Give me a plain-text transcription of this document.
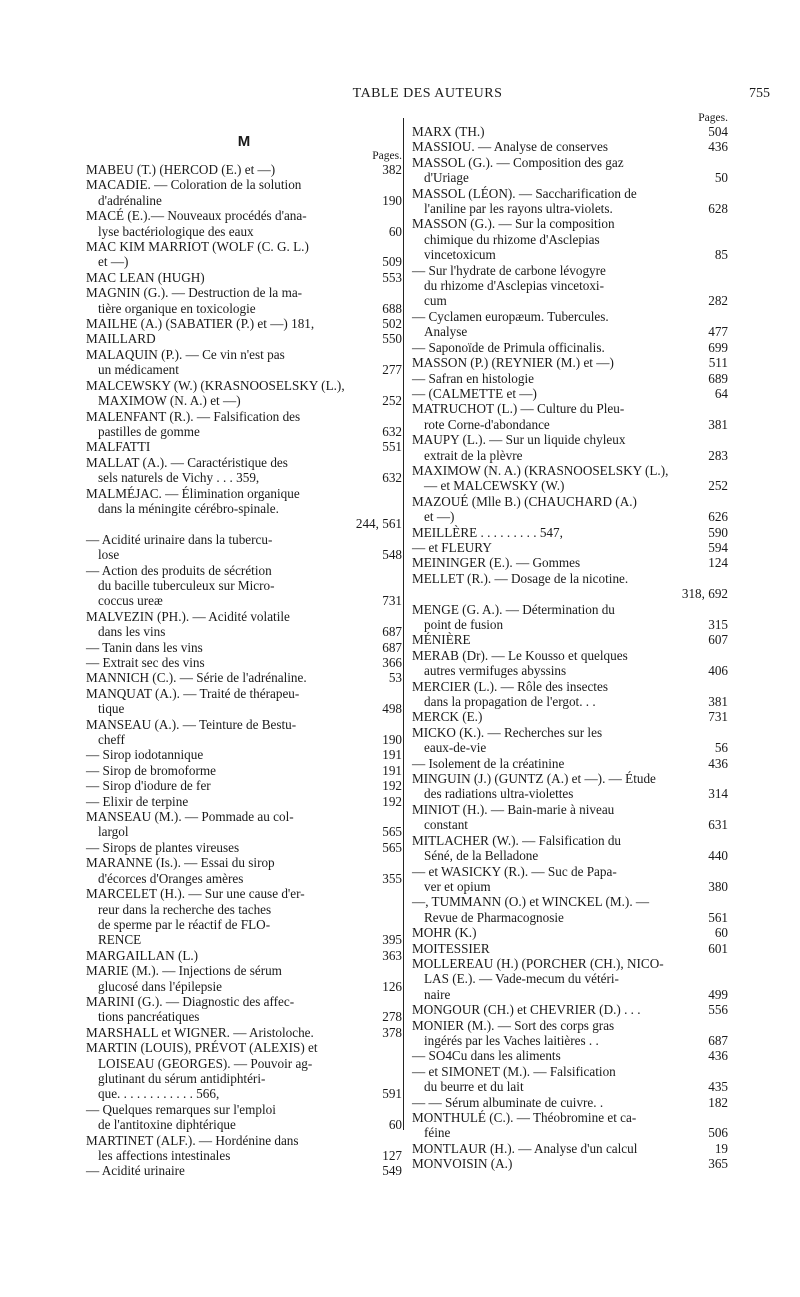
TABLE DES AUTEURS	755
M
Pages.
382
MABEU (T.) (HERCOD (E.) et —)
MACADIE. — Coloration de la solution

190
d'adrénaline
MACÉ (E.).— Nouveaux procédés d'ana-

60
lyse bactériologique des eaux
MAC KIM MARRIOT (WOLF (C. G. L.)

509
et —)
553
MAC LEAN (HUGH)
MAGNIN (G.). — Destruction de la ma-

688
tière organique en toxicologie
502
MAILHE (A.) (SABATIER (P.) et —) 181,
550
MAILLARD
MALAQUIN (P.). — Ce vin n'est pas

277
un médicament
MALCEWSKY (W.) (KRASNOOSELSKY (L.),

252
MAXIMOW (N. A.) et —)
MALENFANT (R.). — Falsification des

632
pastilles de gomme
551
MALFATTI
MALLAT (A.). — Caractéristique des

632
sels naturels de Vichy . . . 359,
MALMÉJAC. — Élimination organique
dans la méningite cérébro-spinale.
244, 561
— Acidité urinaire dans la tubercu-

548
lose
— Action des produits de sécrétion
du bacille tuberculeux sur Micro-

731
coccus ureæ
MALVEZIN (PH.). — Acidité volatile

687
dans les vins
687
— Tanin dans les vins
366
— Extrait sec des vins
53
MANNICH (C.). — Série de l'adrénaline.
MANQUAT (A.). — Traité de thérapeu-

498
tique
MANSEAU (A.). — Teinture de Bestu-

190
cheff
191
— Sirop iodotannique
191
— Sirop de bromoforme
192
— Sirop d'iodure de fer
192
— Elixir de terpine
MANSEAU (M.). — Pommade au col-

565
largol
565
— Sirops de plantes vireuses
MARANNE (Is.). — Essai du sirop

355
d'écorces d'Oranges amères
MARCELET (H.). — Sur une cause d'er-
reur dans la recherche des taches
de sperme par le réactif de FLO-

395
RENCE
363
MARGAILLAN (L.)
MARIE (M.). — Injections de sérum

126
glucosé dans l'épilepsie
MARINI (G.). — Diagnostic des affec-

278
tions pancréatiques
378
MARSHALL et WIGNER. — Aristoloche.
MARTIN (LOUIS), PRÉVOT (ALEXIS) et
LOISEAU (GEORGES). — Pouvoir ag-
glutinant du sérum antidiphtéri-

591
que. . . . . . . . . . . . 566,
— Quelques remarques sur l'emploi

60
de l'antitoxine diphtérique
MARTINET (ALF.). — Hordénine dans

127
les affections intestinales
549
— Acidité urinaire
Pages.
504
MARX (TH.)
436
MASSIOU. — Analyse de conserves
MASSOL (G.). — Composition des gaz

50
d'Uriage
MASSOL (LÉON). — Saccharification de

628
l'aniline par les rayons ultra-violets.
MASSON (G.). — Sur la composition
chimique du rhizome d'Asclepias

85
vincetoxicum
— Sur l'hydrate de carbone lévogyre
du rhizome d'Asclepias vincetoxi-

282
cum
— Cyclamen europæum. Tubercules.

477
Analyse
699
— Saponoïde de Primula officinalis.
511
MASSON (P.) (REYNIER (M.) et —)
689
— Safran en histologie
64
— (CALMETTE et —)
MATRUCHOT (L.) — Culture du Pleu-

381
rote Corne-d'abondance
MAUPY (L.). — Sur un liquide chyleux

283
extrait de la plèvre
MAXIMOW (N. A.) (KRASNOOSELSKY (L.),

252
— et MALCEWSKY (W.)
MAZOUÉ (Mlle B.) (CHAUCHARD (A.)

626
et —)
590
MEILLÈRE . . . . . . . . . 547,
594
— et FLEURY
124
MEININGER (E.). — Gommes
MELLET (R.). — Dosage de la nicotine.
318, 692
MENGE (G. A.). — Détermination du

315
point de fusion
607
MÉNIÈRE
MERAB (Dr). — Le Kousso et quelques

406
autres vermifuges abyssins
MERCIER (L.). — Rôle des insectes

381
dans la propagation de l'ergot. . .
731
MERCK (E.)
MICKO (K.). — Recherches sur les

56
eaux-de-vie
436
— Isolement de la créatinine
MINGUIN (J.) (GUNTZ (A.) et —). — Étude

314
des radiations ultra-violettes
MINIOT (H.). — Bain-marie à niveau

631
constant
MITLACHER (W.). — Falsification du

440
Séné, de la Belladone
— et WASICKY (R.). — Suc de Papa-

380
ver et opium
—, TUMMANN (O.) et WINCKEL (M.). —

561
Revue de Pharmacognosie
60
MOHR (K.)
601
MOITESSIER
MOLLEREAU (H.) (PORCHER (CH.), NICO-
LAS (E.). — Vade-mecum du vétéri-

499
naire
556
MONGOUR (CH.) et CHEVRIER (D.) . . .
MONIER (M.). — Sort des corps gras

687
ingérés par les Vaches laitières . .
436
— SO4Cu dans les aliments
— et SIMONET (M.). — Falsification

435
du beurre et du lait
182
— — Sérum albuminate de cuivre. .
MONTHULÉ (C.). — Théobromine et ca-

506
féine
19
MONTLAUR (H.). — Analyse d'un calcul
365
MONVOISIN (A.)
